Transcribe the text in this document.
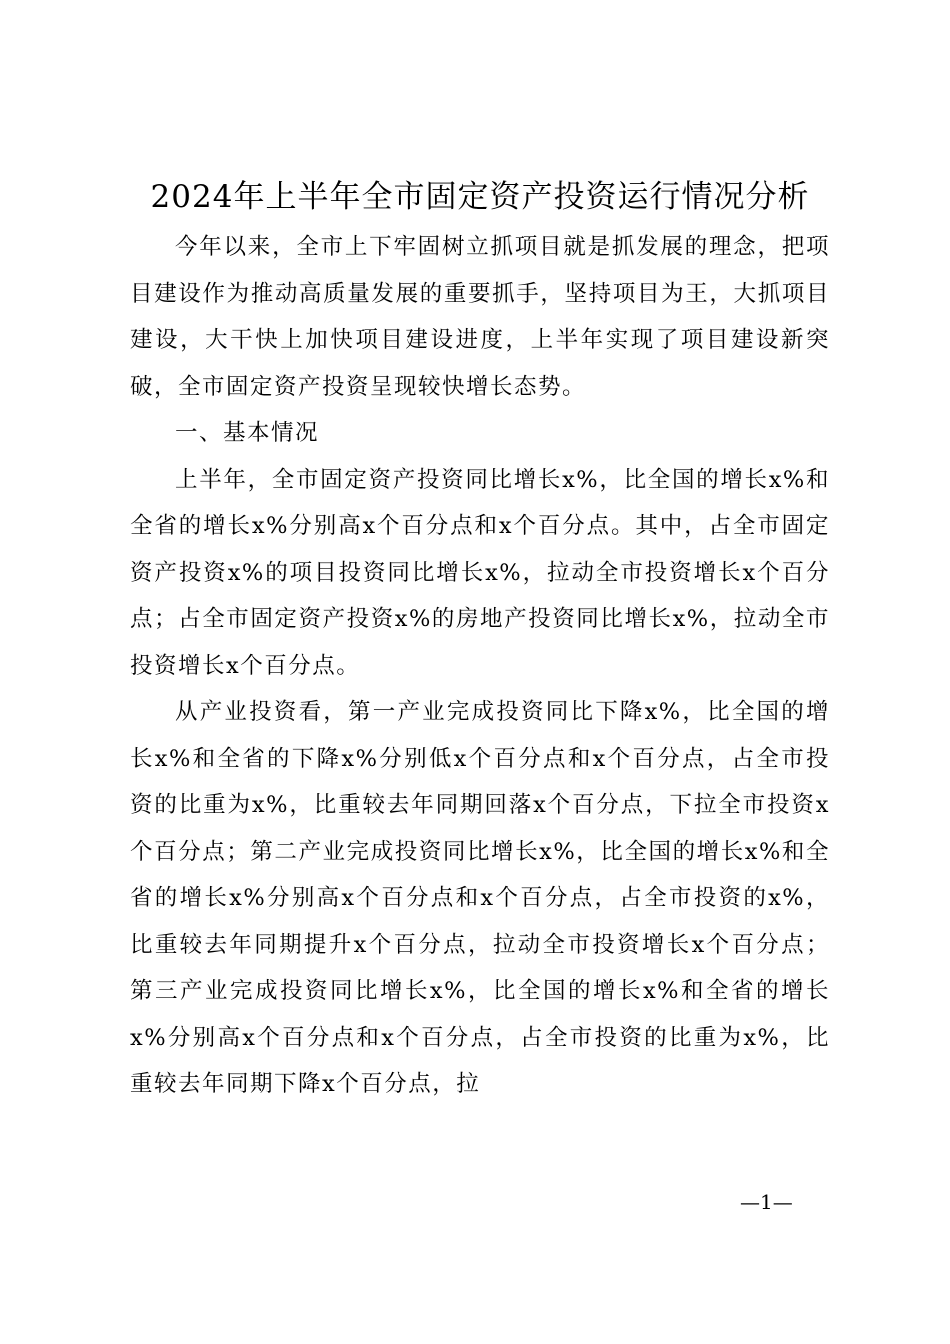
2024年上半年全市固定资产投资运行情况分析

今年以来，全市上下牢固树立抓项目就是抓发展的理念，把项目建设作为推动高质量发展的重要抓手，坚持项目为王，大抓项目建设，大干快上加快项目建设进度，上半年实现了项目建设新突破，全市固定资产投资呈现较快增长态势。

一、基本情况

上半年，全市固定资产投资同比增长x%，比全国的增长x%和全省的增长x%分别高x个百分点和x个百分点。其中，占全市固定资产投资x%的项目投资同比增长x%，拉动全市投资增长x个百分点；占全市固定资产投资x%的房地产投资同比增长x%，拉动全市投资增长x个百分点。

从产业投资看，第一产业完成投资同比下降x%，比全国的增长x%和全省的下降x%分别低x个百分点和x个百分点，占全市投资的比重为x%，比重较去年同期回落x个百分点，下拉全市投资x个百分点；第二产业完成投资同比增长x%，比全国的增长x%和全省的增长x%分别高x个百分点和x个百分点，占全市投资的x%，比重较去年同期提升x个百分点，拉动全市投资增长x个百分点；第三产业完成投资同比增长x%，比全国的增长x%和全省的增长x%分别高x个百分点和x个百分点，占全市投资的比重为x%，比重较去年同期下降x个百分点，拉

—1—
